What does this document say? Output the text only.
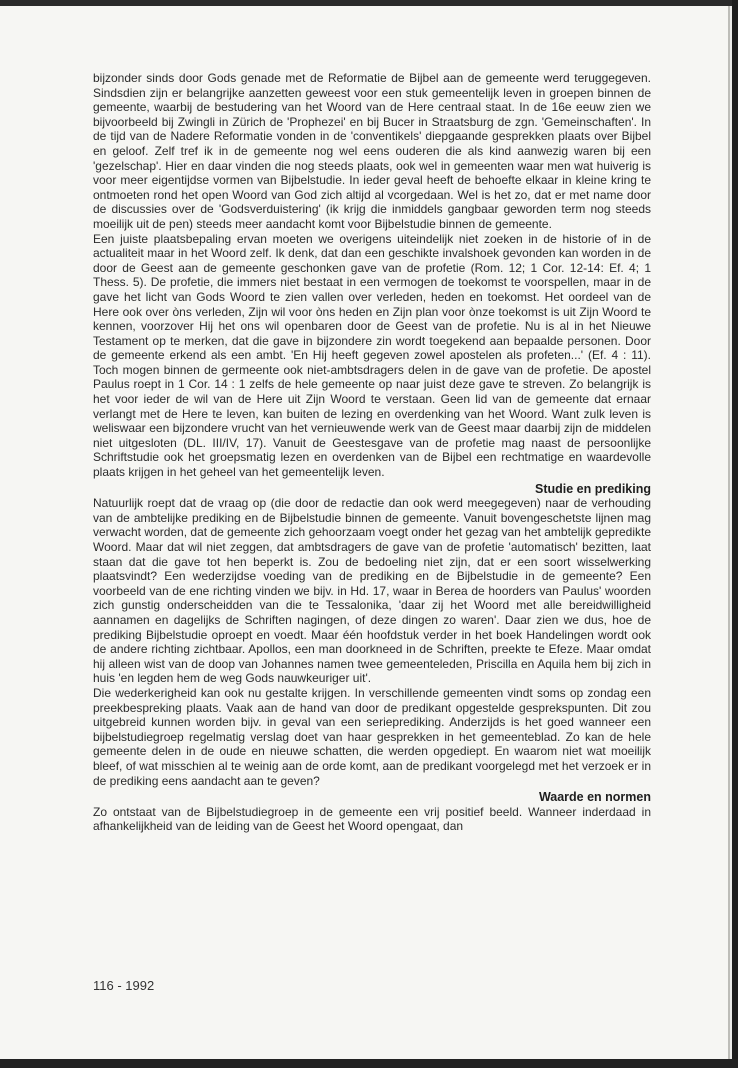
bijzonder sinds door Gods genade met de Reformatie de Bijbel aan de gemeente werd teruggegeven. Sindsdien zijn er belangrijke aanzetten geweest voor een stuk gemeentelijk leven in groepen binnen de gemeente, waarbij de bestudering van het Woord van de Here centraal staat. In de 16e eeuw zien we bijvoorbeeld bij Zwingli in Zürich de 'Prophezei' en bij Bucer in Straatsburg de zgn. 'Gemeinschaften'. In de tijd van de Nadere Reformatie vonden in de 'conventikels' diepgaande gesprekken plaats over Bijbel en geloof. Zelf tref ik in de gemeente nog wel eens ouderen die als kind aanwezig waren bij een 'gezelschap'. Hier en daar vinden die nog steeds plaats, ook wel in gemeenten waar men wat huiverig is voor meer eigentijdse vormen van Bijbelstudie. In ieder geval heeft de behoefte elkaar in kleine kring te ontmoeten rond het open Woord van God zich altijd al vcorgedaan. Wel is het zo, dat er met name door de discussies over de 'Godsverduistering' (ik krijg die inmiddels gangbaar geworden term nog steeds moeilijk uit de pen) steeds meer aandacht komt voor Bijbelstudie binnen de gemeente.

Een juiste plaatsbepaling ervan moeten we overigens uiteindelijk niet zoeken in de historie of in de actualiteit maar in het Woord zelf. Ik denk, dat dan een geschikte invalshoek gevonden kan worden in de door de Geest aan de gemeente geschonken gave van de profetie (Rom. 12; 1 Cor. 12-14: Ef. 4; 1 Thess. 5). De profetie, die immers niet bestaat in een vermogen de toekomst te voorspellen, maar in de gave het licht van Gods Woord te zien vallen over verleden, heden en toekomst. Het oordeel van de Here ook over òns verleden, Zijn wil voor òns heden en Zijn plan voor ònze toekomst is uit Zijn Woord te kennen, voorzover Hij het ons wil openbaren door de Geest van de profetie. Nu is al in het Nieuwe Testament op te merken, dat die gave in bijzondere zin wordt toegekend aan bepaalde personen. Door de gemeente erkend als een ambt. 'En Hij heeft gegeven zowel apostelen als profeten...' (Ef. 4 : 11). Toch mogen binnen de germeente ook niet-ambtsdragers delen in de gave van de profetie. De apostel Paulus roept in 1 Cor. 14 : 1 zelfs de hele gemeente op naar juist deze gave te streven. Zo belangrijk is het voor ieder de wil van de Here uit Zijn Woord te verstaan. Geen lid van de gemeente dat ernaar verlangt met de Here te leven, kan buiten de lezing en overdenking van het Woord. Want zulk leven is weliswaar een bijzondere vrucht van het vernieuwende werk van de Geest maar daarbij zijn de middelen niet uitgesloten (DL. III/IV, 17). Vanuit de Geestesgave van de profetie mag naast de persoonlijke Schriftstudie ook het groepsmatig lezen en overdenken van de Bijbel een rechtmatige en waardevolle plaats krijgen in het geheel van het gemeentelijk leven.

Studie en prediking

Natuurlijk roept dat de vraag op (die door de redactie dan ook werd meegegeven) naar de verhouding van de ambtelijke prediking en de Bijbelstudie binnen de gemeente. Vanuit bovengeschetste lijnen mag verwacht worden, dat de gemeente zich gehoorzaam voegt onder het gezag van het ambtelijk gepredikte Woord. Maar dat wil niet zeggen, dat ambtsdragers de gave van de profetie 'automatisch' bezitten, laat staan dat die gave tot hen beperkt is. Zou de bedoeling niet zijn, dat er een soort wisselwerking plaatsvindt? Een wederzijdse voeding van de prediking en de Bijbelstudie in de gemeente? Een voorbeeld van de ene richting vinden we bijv. in Hd. 17, waar in Berea de hoorders van Paulus' woorden zich gunstig onderscheidden van die te Tessalonika, 'daar zij het Woord met alle bereidwilligheid aannamen en dagelijks de Schriften nagingen, of deze dingen zo waren'. Daar zien we dus, hoe de prediking Bijbelstudie oproept en voedt. Maar één hoofdstuk verder in het boek Handelingen wordt ook de andere richting zichtbaar. Apollos, een man doorkneed in de Schriften, preekte te Efeze. Maar omdat hij alleen wist van de doop van Johannes namen twee gemeenteleden, Priscilla en Aquila hem bij zich in huis 'en legden hem de weg Gods nauwkeuriger uit'.

Die wederkerigheid kan ook nu gestalte krijgen. In verschillende gemeenten vindt soms op zondag een preekbespreking plaats. Vaak aan de hand van door de predikant opgestelde gesprekspunten. Dit zou uitgebreid kunnen worden bijv. in geval van een serieprediking. Anderzijds is het goed wanneer een bijbelstudiegroep regelmatig verslag doet van haar gesprekken in het gemeenteblad. Zo kan de hele gemeente delen in de oude en nieuwe schatten, die werden opgediept. En waarom niet wat moeilijk bleef, of wat misschien al te weinig aan de orde komt, aan de predikant voorgelegd met het verzoek er in de prediking eens aandacht aan te geven?

Waarde en normen

Zo ontstaat van de Bijbelstudiegroep in de gemeente een vrij positief beeld. Wanneer inderdaad in afhankelijkheid van de leiding van de Geest het Woord opengaat, dan

116 - 1992
